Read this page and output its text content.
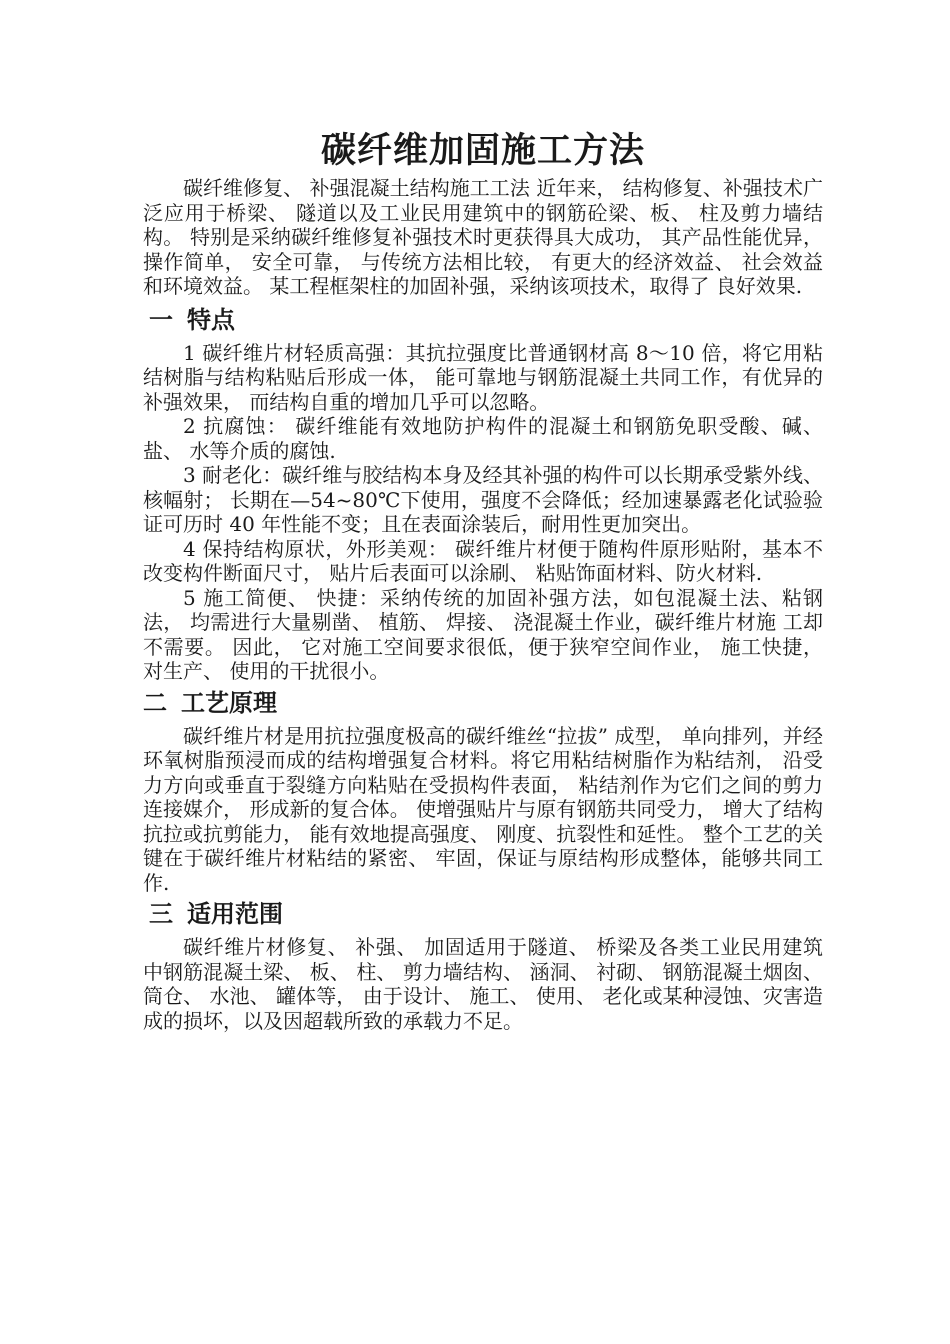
碳纤维加固施工方法

碳纤维修复、 补强混凝土结构施工工法 近年来， 结构修复、补强技术广泛应用于桥梁、 隧道以及工业民用建筑中的钢筋砼梁、板、 柱及剪力墙结构。 特别是采纳碳纤维修复补强技术时更获得具大成功， 其产品性能优异， 操作简单， 安全可靠， 与传统方法相比较， 有更大的经济效益、 社会效益和环境效益。 某工程框架柱的加固补强，采纳该项技术，取得了 良好效果.

一 特点

1 碳纤维片材轻质高强：其抗拉强度比普通钢材高 8～10 倍，将它用粘结树脂与结构粘贴后形成一体， 能可靠地与钢筋混凝土共同工作，有优异的补强效果， 而结构自重的增加几乎可以忽略。

2 抗腐蚀： 碳纤维能有效地防护构件的混凝土和钢筋免职受酸、碱、盐、 水等介质的腐蚀.

3 耐老化：碳纤维与胶结构本身及经其补强的构件可以长期承受紫外线、 核幅射； 长期在—54~80℃下使用，强度不会降低；经加速暴露老化试验验证可历时 40 年性能不变；且在表面涂装后，耐用性更加突出。

4 保持结构原状，外形美观： 碳纤维片材便于随构件原形贴附，基本不改变构件断面尺寸， 贴片后表面可以涂刷、 粘贴饰面材料、防火材料.

5 施工简便、 快捷：采纳传统的加固补强方法，如包混凝土法、粘钢法， 均需进行大量剔凿、 植筋、 焊接、 浇混凝土作业，碳纤维片材施 工却不需要。 因此， 它对施工空间要求很低，便于狭窄空间作业， 施工快捷， 对生产、 使用的干扰很小。

二 工艺原理

碳纤维片材是用抗拉强度极高的碳纤维丝“拉拔” 成型， 单向排列，并经环氧树脂预浸而成的结构增强复合材料。将它用粘结树脂作为粘结剂， 沿受力方向或垂直于裂缝方向粘贴在受损构件表面， 粘结剂作为它们之间的剪力连接媒介， 形成新的复合体。 使增强贴片与原有钢筋共同受力， 增大了结构抗拉或抗剪能力， 能有效地提高强度、 刚度、抗裂性和延性。 整个工艺的关键在于碳纤维片材粘结的紧密、 牢固，保证与原结构形成整体，能够共同工作.

三 适用范围

碳纤维片材修复、 补强、 加固适用于隧道、 桥梁及各类工业民用建筑 中钢筋混凝土梁、 板、 柱、 剪力墙结构、 涵洞、 衬砌、 钢筋混凝土烟囱、 筒仓、 水池、 罐体等， 由于设计、 施工、 使用、 老化或某种浸蚀、灾害造成的损坏，以及因超载所致的承载力不足。
